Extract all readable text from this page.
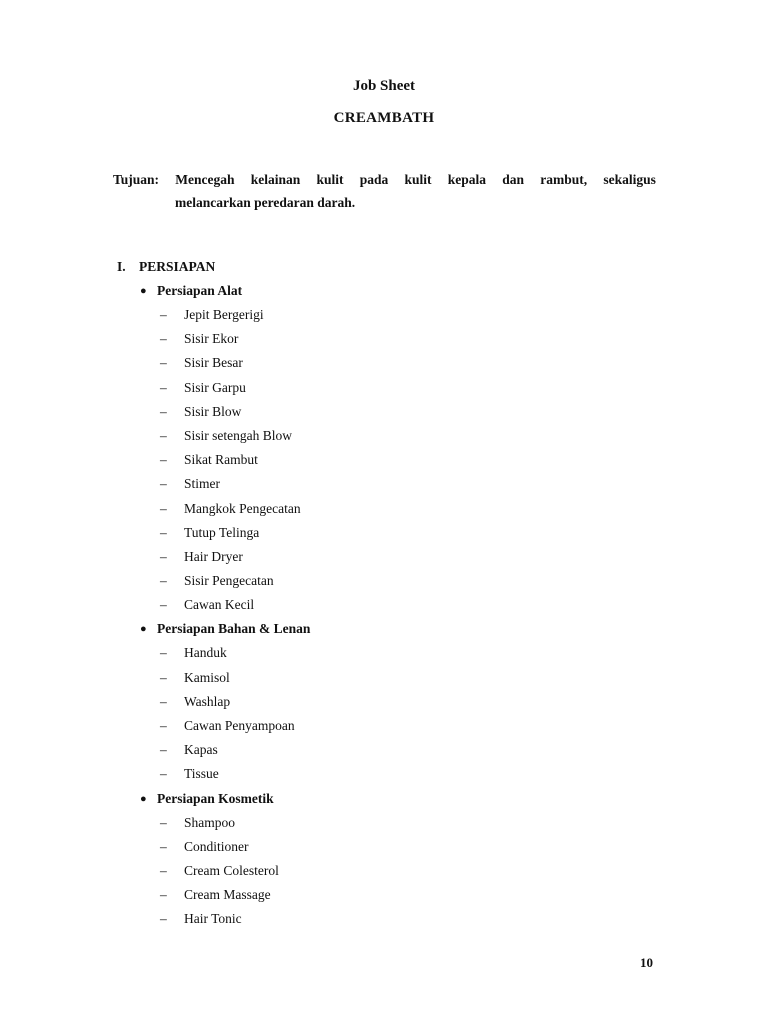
Job Sheet
CREAMBATH
Tujuan: Mencegah kelainan kulit pada kulit kepala dan rambut, sekaligus
melancarkan peredaran darah.
I. PERSIAPAN
● Persiapan Alat
– Jepit Bergerigi
– Sisir Ekor
– Sisir Besar
– Sisir Garpu
– Sisir Blow
– Sisir setengah Blow
– Sikat Rambut
– Stimer
– Mangkok Pengecatan
– Tutup Telinga
– Hair Dryer
– Sisir Pengecatan
– Cawan Kecil
● Persiapan Bahan & Lenan
– Handuk
– Kamisol
– Washlap
– Cawan Penyampoan
– Kapas
– Tissue
● Persiapan Kosmetik
– Shampoo
– Conditioner
– Cream Colesterol
– Cream Massage
– Hair Tonic
10
